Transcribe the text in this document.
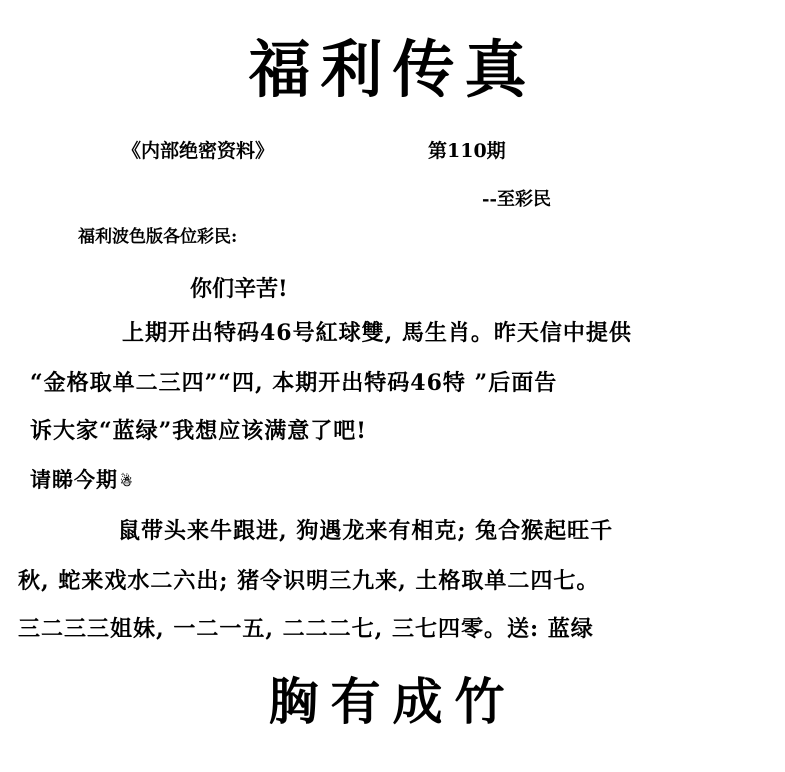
福利传真
《内部绝密资料》	第110期
--至彩民
福利波色版各位彩民:
你们辛苦!
上期开出特码46号紅球雙, 馬生肖。昨天信中提供
“金格取单二三四”“四, 本期开出特码46特 ”后面告
诉大家“蓝绿”我想应该满意了吧!
请睇今期 ☃
鼠带头来牛跟进, 狗遇龙来有相克; 兔合猴起旺千
秋, 蛇来戏水二六出; 猪令识明三九来, 土格取单二四七。
三二三三姐妹, 一二一五, 二二二七, 三七四零。送: 蓝绿
胸有成竹
